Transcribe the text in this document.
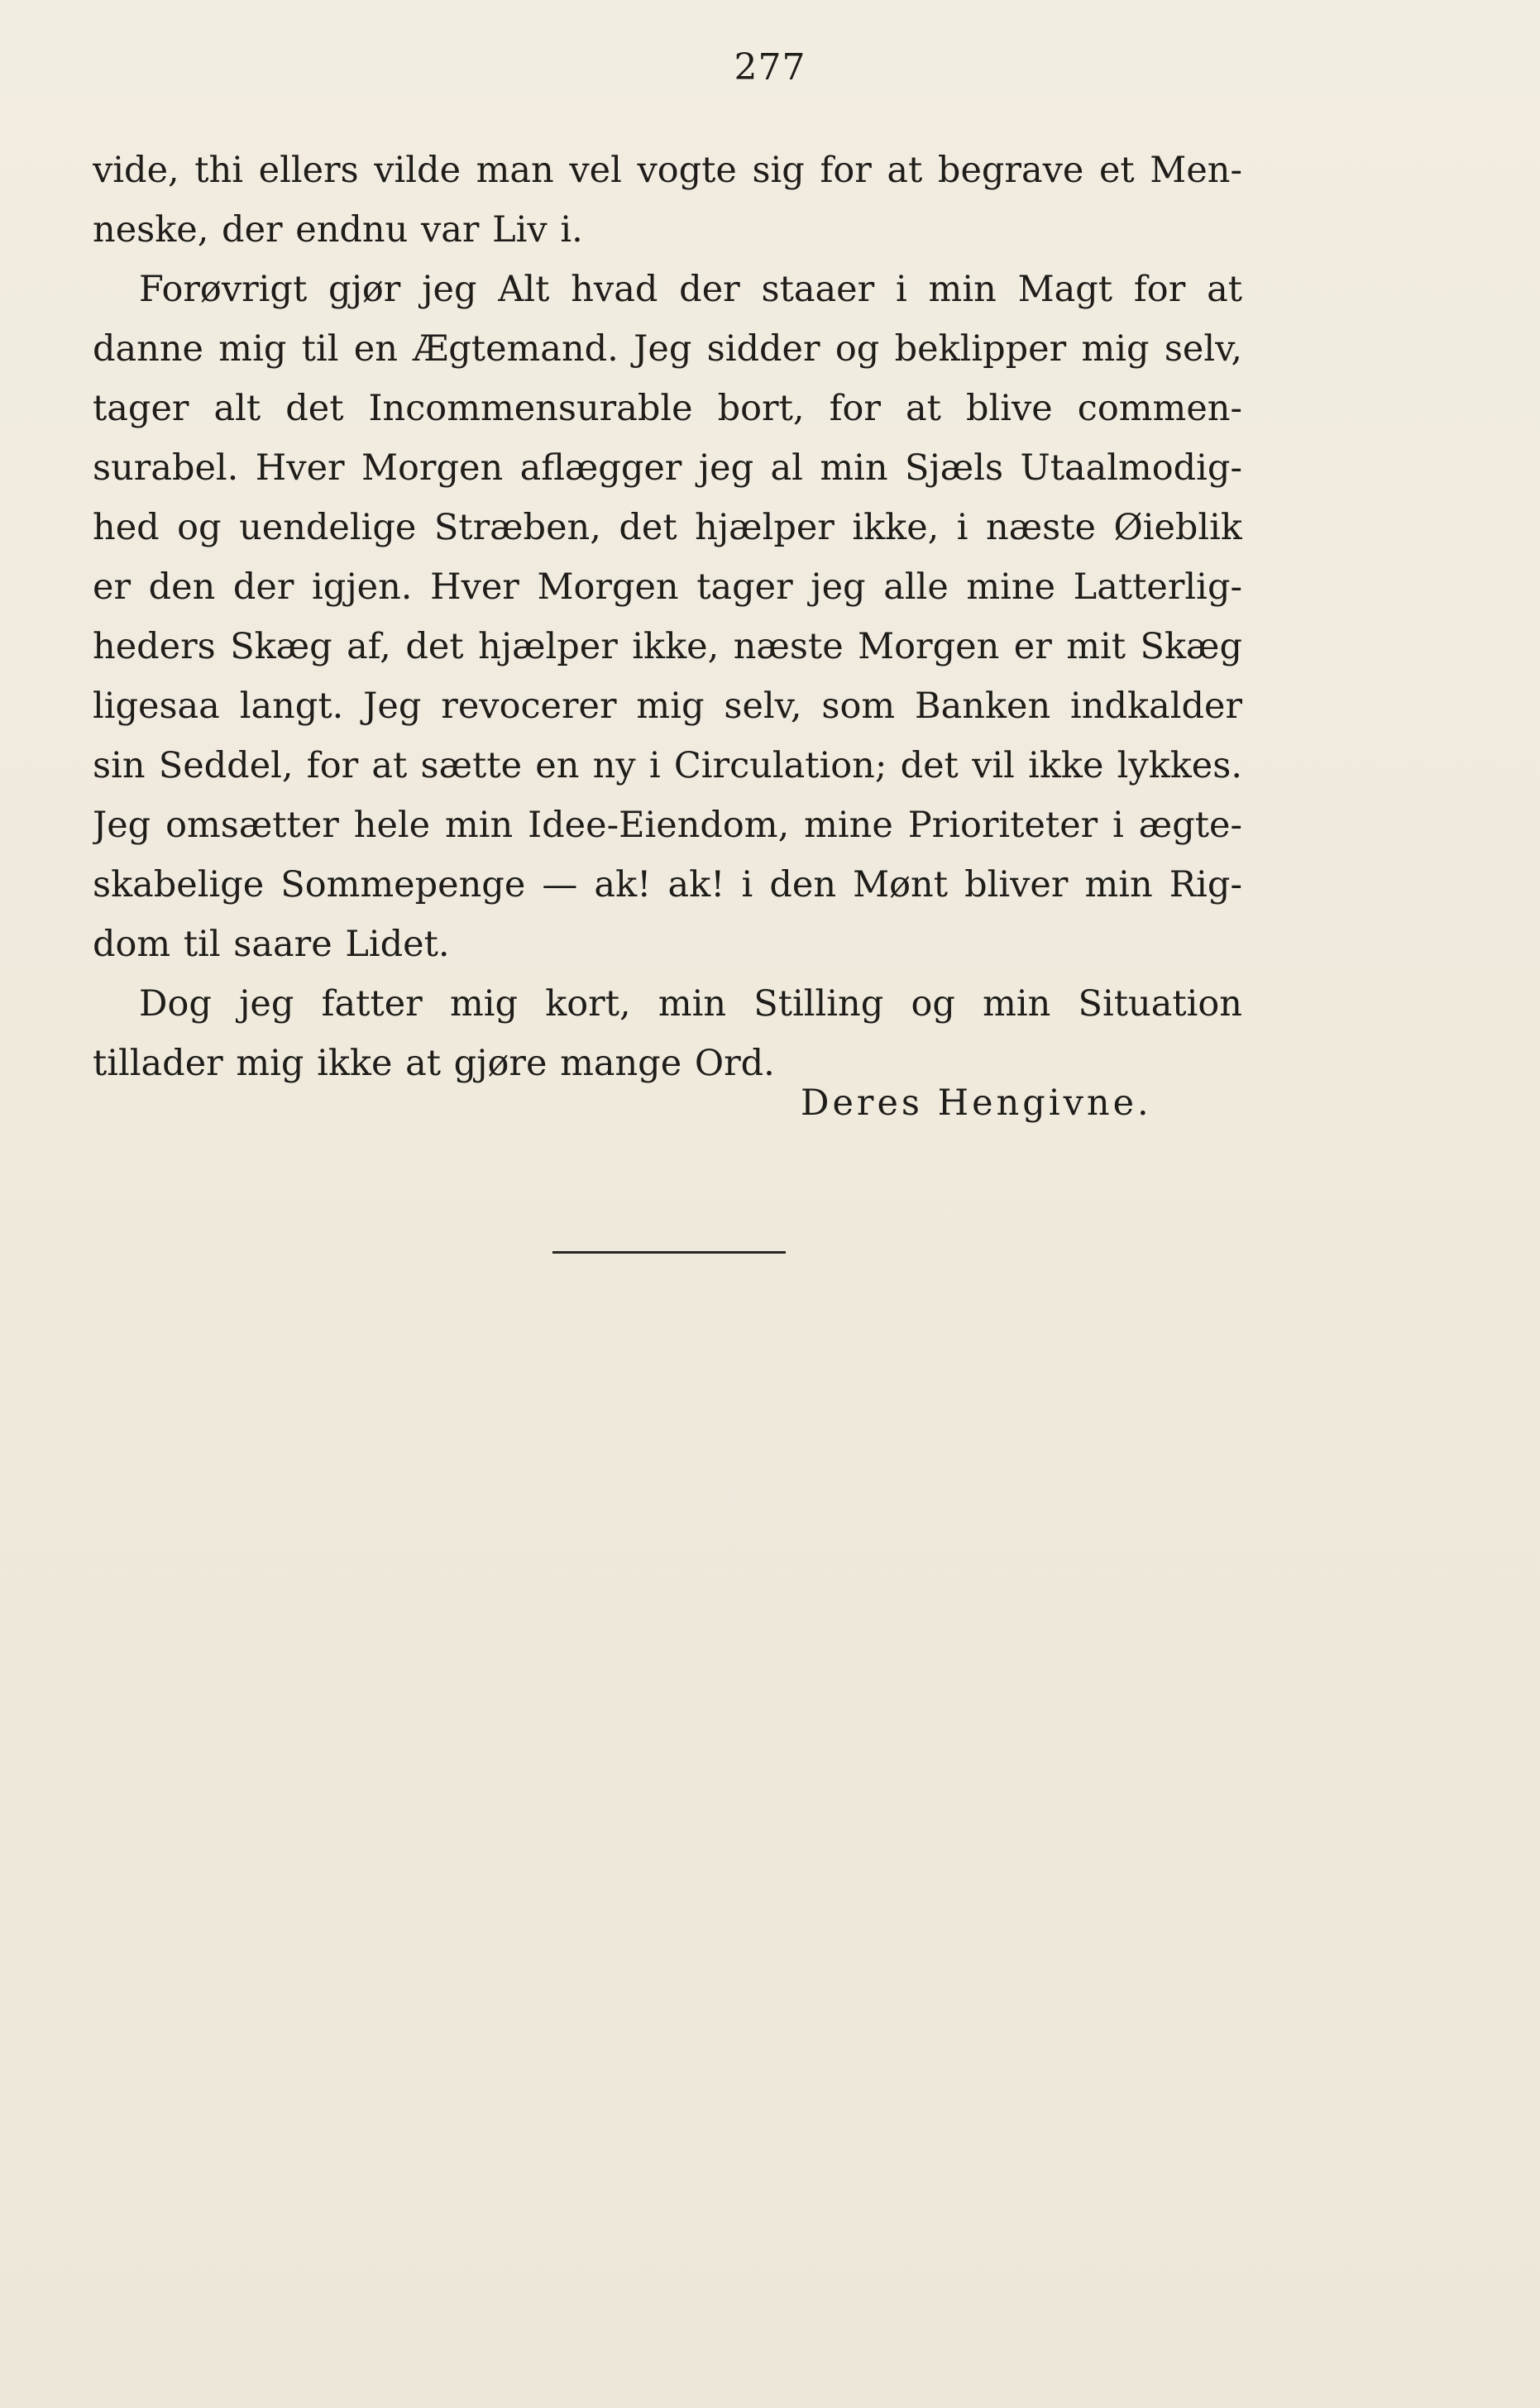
277
vide, thi ellers vilde man vel vogte sig for at begrave et Men-
neske, der endnu var Liv i.
Forøvrigt gjør jeg Alt hvad der staaer i min Magt for at
danne mig til en Ægtemand. Jeg sidder og beklipper mig selv,
tager alt det Incommensurable bort, for at blive commen-
surabel. Hver Morgen aflægger jeg al min Sjæls Utaalmodig-
hed og uendelige Stræben, det hjælper ikke, i næste Øieblik
er den der igjen. Hver Morgen tager jeg alle mine Latterlig-
heders Skæg af, det hjælper ikke, næste Morgen er mit Skæg
ligesaa langt. Jeg revocerer mig selv, som Banken indkalder
sin Seddel, for at sætte en ny i Circulation; det vil ikke lykkes.
Jeg omsætter hele min Idee-Eiendom, mine Prioriteter i ægte-
skabelige Sommepenge — ak! ak! i den Mønt bliver min Rig-
dom til saare Lidet.
Dog jeg fatter mig kort, min Stilling og min Situation
tillader mig ikke at gjøre mange Ord.
Deres Hengivne.
